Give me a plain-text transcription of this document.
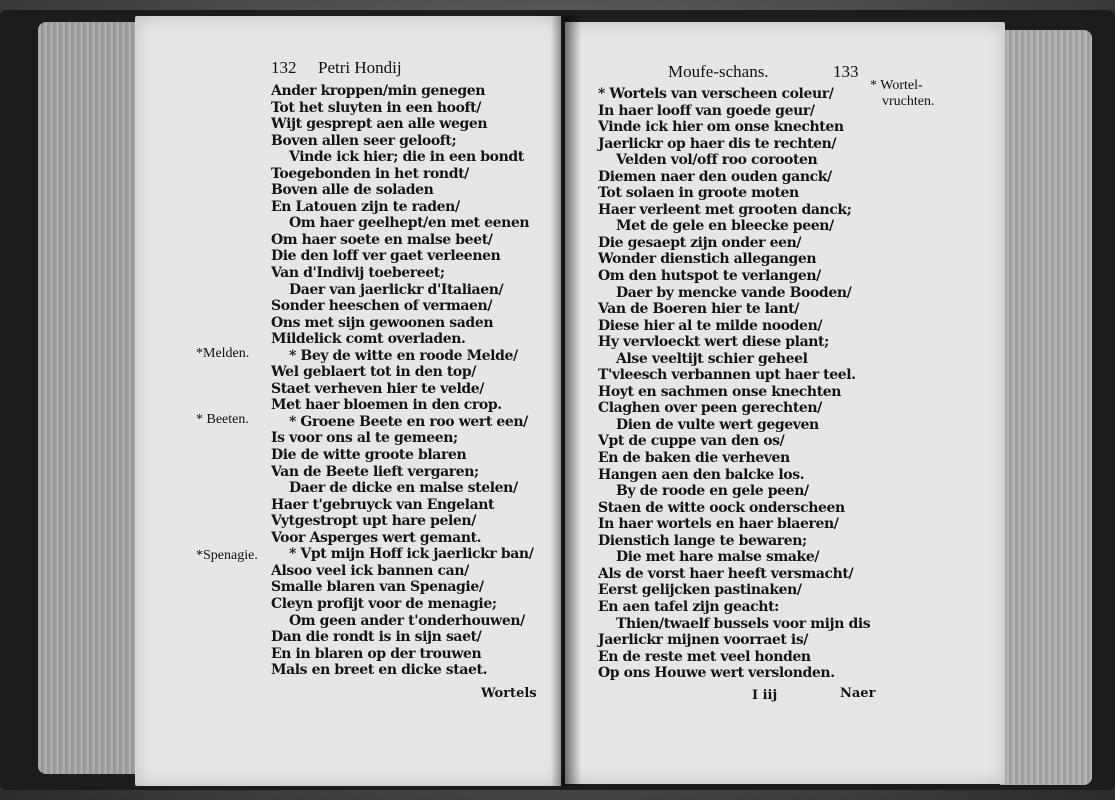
132 Petri Hondij	Moufe-schans.	133
Ander kroppen/min genegen
Tot het sluyten in een hooft/
Wijt gesprept aen alle wegen
Boven allen seer gelooft;
Vinde ick hier; die in een bondt
Toegebonden in het rondt/
Boven alle de soladen
En Latouen zijn te raden/
Om haer geelhept/en met eenen
Om haer soete en malse beet/
Die den loff ver gaet verleenen
Van d'Indivij toebereet;
Daer van jaerlickr d'Italiaen/
Sonder heeschen of vermaen/
Ons met sijn gewoonen saden
Mildelick comt overladen.
* Bey de witte en roode Melde/
Wel geblaert tot in den top/
Staet verheven hier te velde/
Met haer bloemen in den crop.
* Groene Beete en roo wert een/
Is voor ons al te gemeen;
Die de witte groote blaren
Van de Beete lieft vergaren;
Daer de dicke en malse stelen/
Haer t'gebruyck van Engelant
Vytgestropt upt hare pelen/
Voor Asperges wert gemant.
* Vpt mijn Hoff ick jaerlickr ban/
Alsoo veel ick bannen can/
Smalle blaren van Spenagie/
Cleyn profijt voor de menagie;
Om geen ander t'onderhouwen/
Dan die rondt is in sijn saet/
En in blaren op der trouwen
Mals en breet en dicke staet.
*Melden.
* Beeten.
*Spenagie.
Wortels
* Wortels van verscheen coleur/
In haer looff van goede geur/
Vinde ick hier om onse knechten
Jaerlickr op haer dis te rechten/
Velden vol/off roo corooten
Diemen naer den ouden ganck/
Tot solaen in groote moten
Haer verleent met grooten danck;
Met de gele en bleecke peen/
Die gesaept zijn onder een/
Wonder dienstich allegangen
Om den hutspot te verlangen/
Daer by mencke vande Booden/
Van de Boeren hier te lant/
Diese hier al te milde nooden/
Hy vervloeckt wert diese plant;
Alse veeltijt schier geheel
T'vleesch verbannen upt haer teel.
Hoyt en sachmen onse knechten
Claghen over peen gerechten/
Dien de vulte wert gegeven
Vpt de cuppe van den os/
En de baken die verheven
Hangen aen den balcke los.
By de roode en gele peen/
Staen de witte oock onderscheen
In haer wortels en haer blaeren/
Dienstich lange te bewaren;
Die met hare malse smake/
Als de vorst haer heeft versmacht/
Eerst gelijcken pastinaken/
En aen tafel zijn geacht:
Thien/twaelf bussels voor mijn dis
Jaerlickr mijnen voorraet is/
En de reste met veel honden
Op ons Houwe wert verslonden.
* Wortel-
vruchten.
I iij	Naer
